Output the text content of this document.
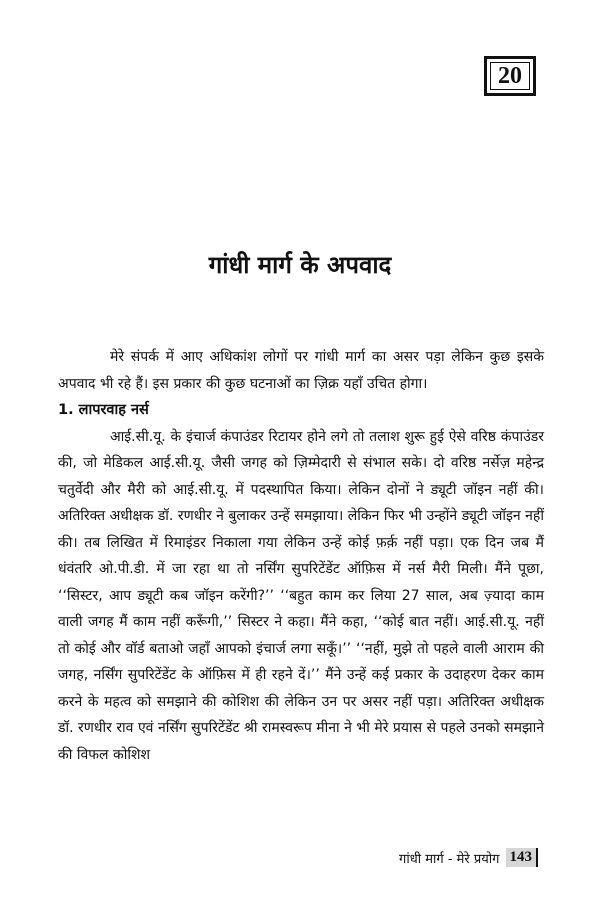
20
गांधी मार्ग के अपवाद

मेरे संपर्क में आए अधिकांश लोगों पर गांधी मार्ग का असर पड़ा लेकिन कुछ इसके अपवाद भी रहे हैं। इस प्रकार की कुछ घटनाओं का ज़िक्र यहाँ उचित होगा।

1. लापरवाह नर्स

आई.सी.यू. के इंचार्ज कंपाउंडर रिटायर होने लगे तो तलाश शुरू हुई ऐसे वरिष्ठ कंपाउंडर की, जो मेडिकल आई.सी.यू. जैसी जगह को ज़िम्मेदारी से संभाल सके। दो वरिष्ठ नर्सेज़ महेन्द्र चतुर्वेदी और मैरी को आई.सी.यू. में पदस्थापित किया। लेकिन दोनों ने ड्यूटी जॉइन नहीं की। अतिरिक्त अधीक्षक डॉ. रणधीर ने बुलाकर उन्हें समझाया। लेकिन फिर भी उन्होंने ड्यूटी जॉइन नहीं की। तब लिखित में रिमाइंडर निकाला गया लेकिन उन्हें कोई फ़र्क़ नहीं पड़ा। एक दिन जब मैं धंवंतरि ओ.पी.डी. में जा रहा था तो नर्सिंग सुपरिटेंडेंट ऑफ़िस में नर्स मैरी मिली। मैंने पूछा, ‘‘सिस्टर, आप ड्यूटी कब जॉइन करेंगी?’’ ‘‘बहुत काम कर लिया 27 साल, अब ज़्यादा काम वाली जगह मैं काम नहीं करूँगी,’’ सिस्टर ने कहा। मैंने कहा, ‘‘कोई बात नहीं। आई.सी.यू. नहीं तो कोई और वॉर्ड बताओ जहाँ आपको इंचार्ज लगा सकूँ।’’ ‘‘नहीं, मुझे तो पहले वाली आराम की जगह, नर्सिंग सुपरिटेंडेंट के ऑफ़िस में ही रहने दें।’’ मैंने उन्हें कई प्रकार के उदाहरण देकर काम करने के महत्व को समझाने की कोशिश की लेकिन उन पर असर नहीं पड़ा। अतिरिक्त अधीक्षक डॉ. रणधीर राव एवं नर्सिंग सुपरिटेंडेंट श्री रामस्वरूप मीना ने भी मेरे प्रयास से पहले उनको समझाने की विफल कोशिश

गांधी मार्ग - मेरे प्रयोग 143
